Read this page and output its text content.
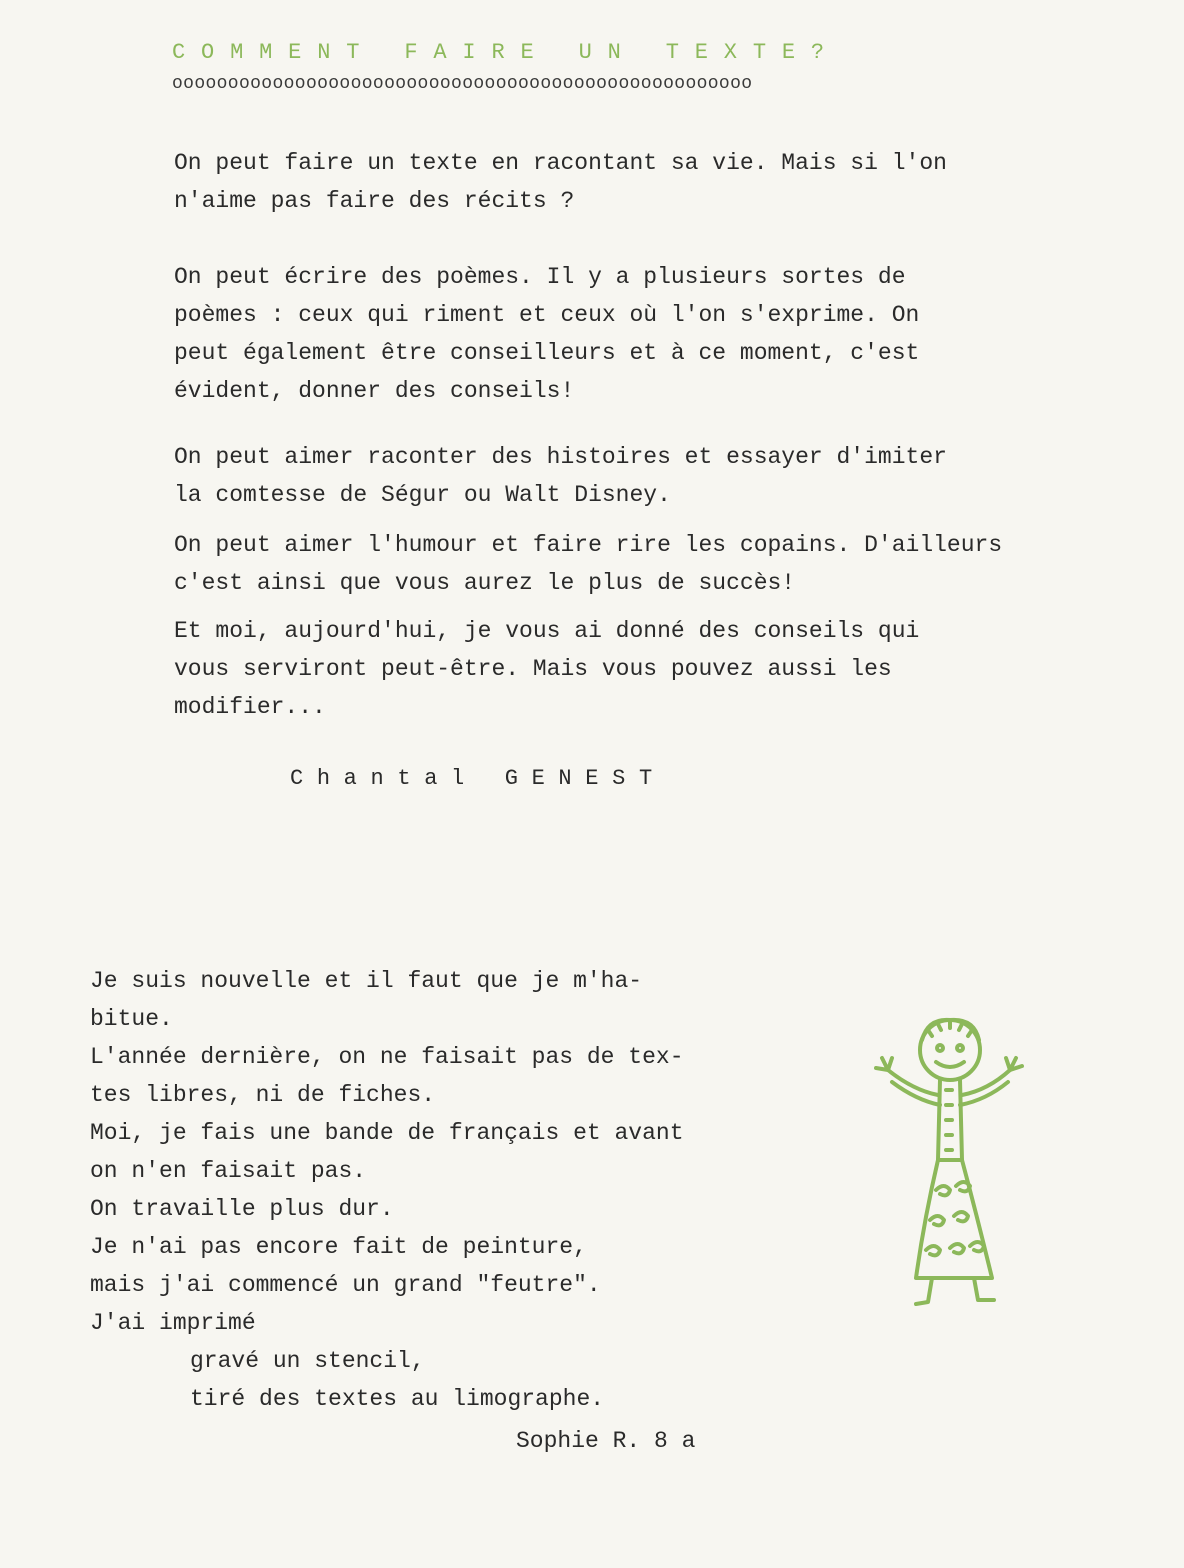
COMMENT FAIRE UN TEXTE?
oooooooooooooooooooooooooooooooooooooooooooooooooooo

On peut faire un texte en racontant sa vie. Mais si l'on
n'aime pas faire des récits ?

On peut écrire des poèmes. Il y a plusieurs sortes de
poèmes : ceux qui riment et ceux où l'on s'exprime. On
peut également être conseilleurs et à ce moment, c'est
évident, donner des conseils!

On peut aimer raconter des histoires et essayer d'imiter
la comtesse de Ségur ou Walt Disney.

On peut aimer l'humour et faire rire les copains. D'ailleurs
c'est ainsi que vous aurez le plus de succès!

Et moi, aujourd'hui, je vous ai donné des conseils qui
vous serviront peut-être. Mais vous pouvez aussi les
modifier...

Chantal GENEST
Je suis nouvelle et il faut que je m'ha-
bitue.
L'année dernière, on ne faisait pas de tex-
tes libres, ni de fiches.
Moi, je fais une bande de français et avant
on n'en faisait pas.
On travaille plus dur.
Je n'ai pas encore fait de peinture,
mais j'ai commencé un grand "feutre".
J'ai imprimé
gravé un stencil,
tiré des textes au limographe.
Sophie R. 8 a
